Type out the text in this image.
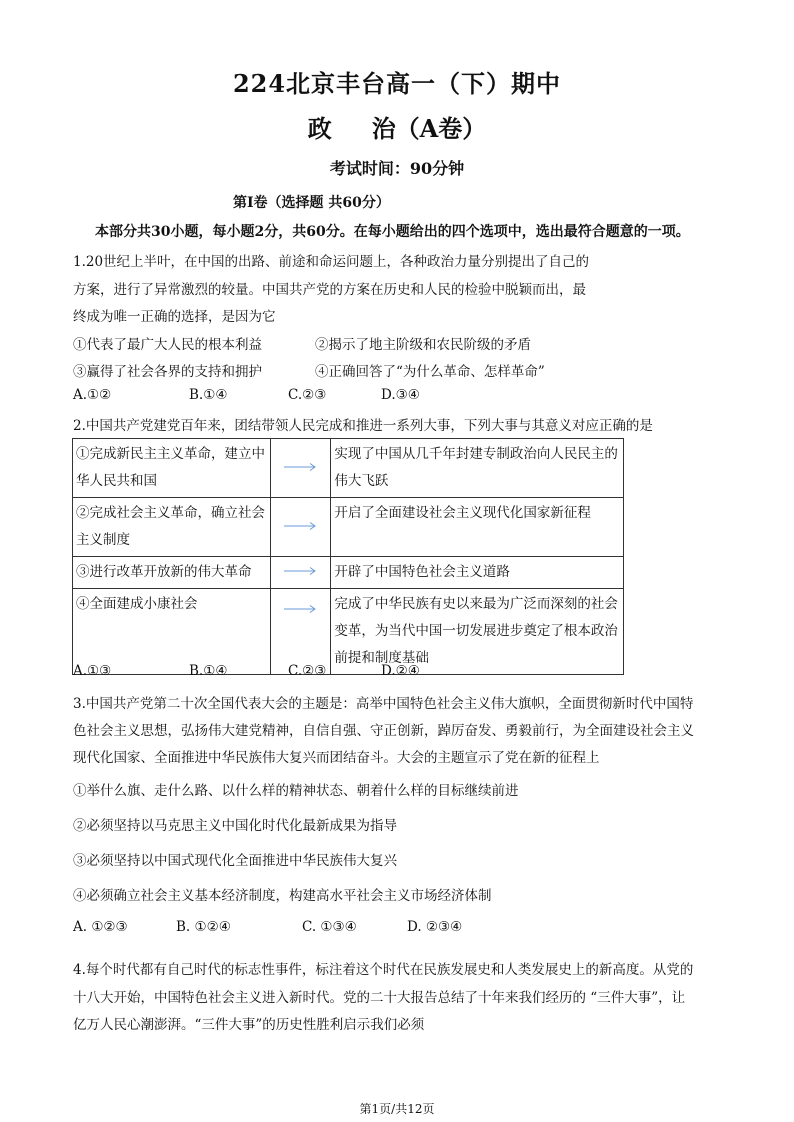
224北京丰台高一（下）期中
政 治（A卷）
考试时间：90分钟
第Ⅰ卷（选择题 共60分）
本部分共30小题，每小题2分，共60分。在每小题给出的四个选项中，选出最符合题意的一项。
1.20世纪上半叶，在中国的出路、前途和命运问题上，各种政治力量分别提出了自己的
方案，进行了异常激烈的较量。中国共产党的方案在历史和人民的检验中脱颖而出，最
终成为唯一正确的选择，是因为它
①代表了最广大人民的根本利益	②揭示了地主阶级和农民阶级的矛盾
③赢得了社会各界的支持和拥护	④正确回答了“为什么革命、怎样革命”
A.①②	B.①④	C.②③	D.③④
2.中国共产党建党百年来，团结带领人民完成和推进一系列大事，下列大事与其意义对应正确的是
①完成新民主主义革命，建立中华人民共和国		实现了中国从几千年封建专制政治向人民民主的伟大飞跃
②完成社会主义革命，确立社会主义制度		开启了全面建设社会主义现代化国家新征程
③进行改革开放新的伟大革命		开辟了中国特色社会主义道路
④全面建成小康社会		完成了中华民族有史以来最为广泛而深刻的社会变革，为当代中国一切发展进步奠定了根本政治前提和制度基础
A.①③	B.①④	C.②③	D.②④
3.中国共产党第二十次全国代表大会的主题是：高举中国特色社会主义伟大旗帜，全面贯彻新时代中国特
色社会主义思想，弘扬伟大建党精神，自信自强、守正创新，踔厉奋发、勇毅前行，为全面建设社会主义
现代化国家、全面推进中华民族伟大复兴而团结奋斗。大会的主题宣示了党在新的征程上
①举什么旗、走什么路、以什么样的精神状态、朝着什么样的目标继续前进
②必须坚持以马克思主义中国化时代化最新成果为指导
③必须坚持以中国式现代化全面推进中华民族伟大复兴
④必须确立社会主义基本经济制度，构建高水平社会主义市场经济体制
A. ①②③	B. ①②④	C. ①③④	D. ②③④
4.每个时代都有自己时代的标志性事件，标注着这个时代在民族发展史和人类发展史上的新高度。从党的
十八大开始，中国特色社会主义进入新时代。党的二十大报告总结了十年来我们经历的 “三件大事”，让
亿万人民心潮澎湃。“三件大事”的历史性胜利启示我们必须
第1页/共12页
